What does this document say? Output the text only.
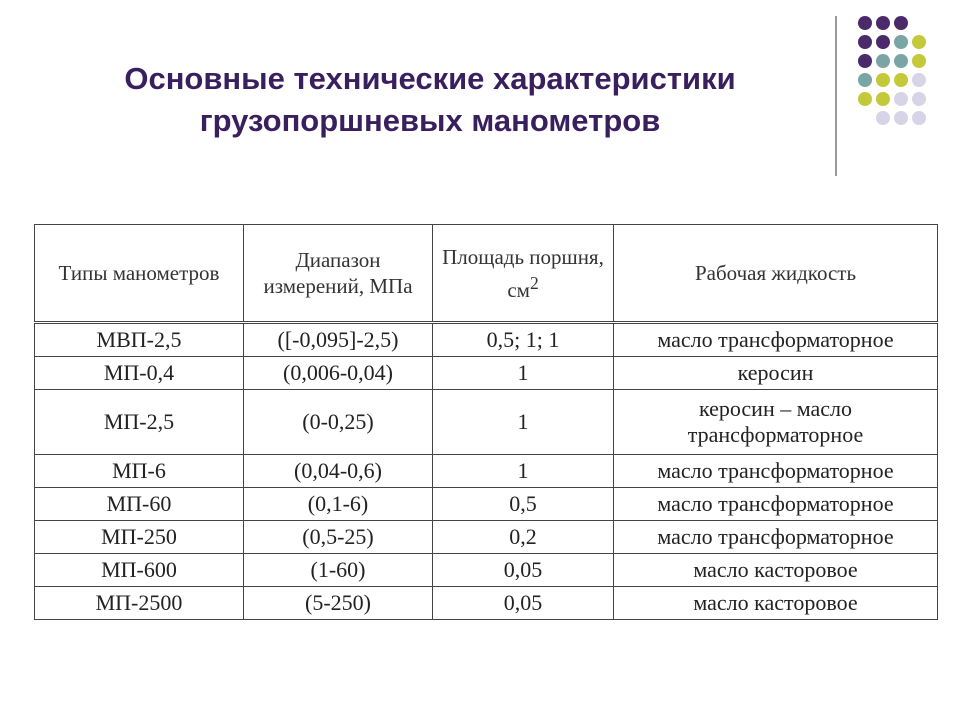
Основные технические характеристики
грузопоршневых манометров
Типы манометров	Диапазон измерений, МПа	Площадь поршня, $см^2$	Рабочая жидкость
МВП-2,5	([-0,095]-2,5)	0,5; 1; 1	масло трансформаторное
МП-0,4	(0,006-0,04)	1	керосин
МП-2,5	(0-0,25)	1	керосин – масло трансформаторное
МП-6	(0,04-0,6)	1	масло трансформаторное
МП-60	(0,1-6)	0,5	масло трансформаторное
МП-250	(0,5-25)	0,2	масло трансформаторное
МП-600	(1-60)	0,05	масло касторовое
МП-2500	(5-250)	0,05	масло касторовое
